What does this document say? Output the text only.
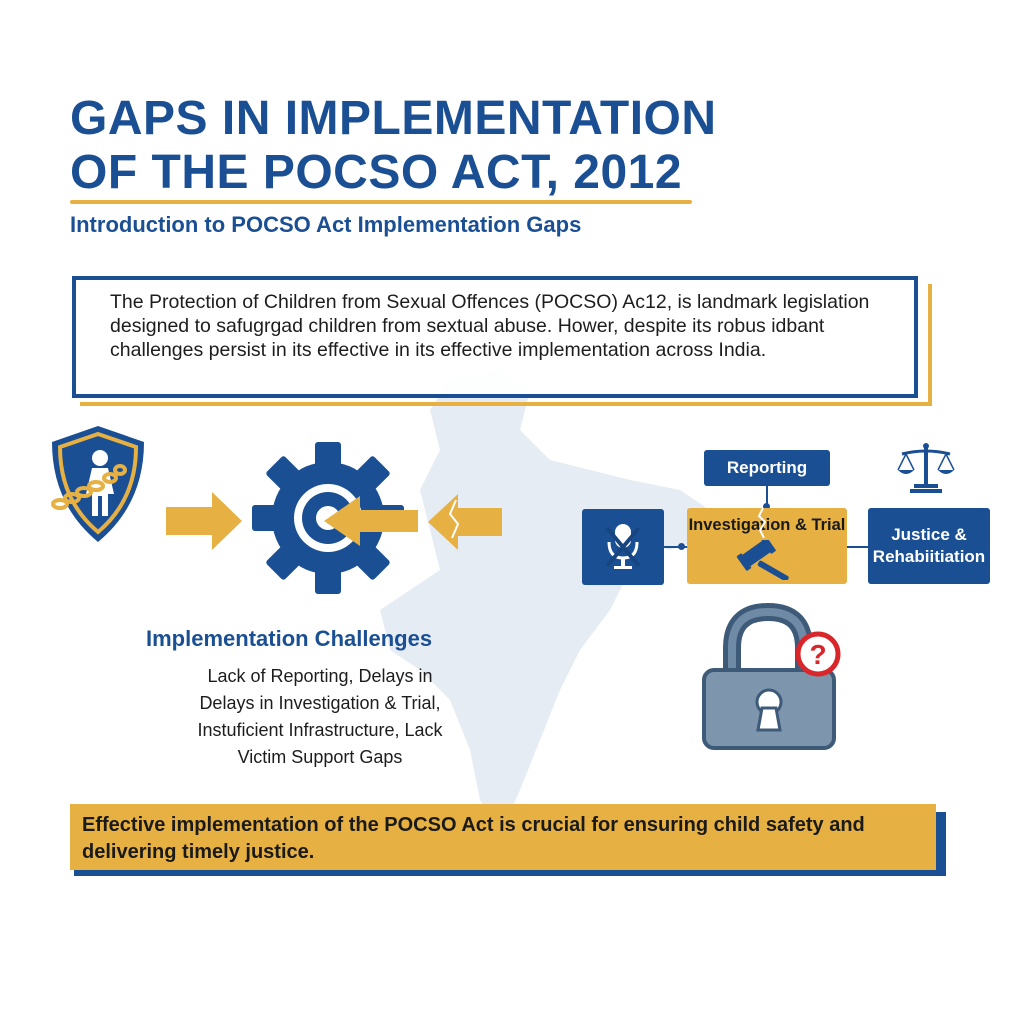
GAPS IN IMPLEMENTATION
OF THE POCSO ACT, 2012
Introduction to POCSO Act Implementation Gaps

The Protection of Children from Sexual Offences (POCSO) Ac12, is landmark legislation designed to safugrgad children from sextual abuse. Hower, despite its robus idbant challenges persist in its effective in its effective implementation across India.

Implementation Challenges
Lack of Reporting, Delays in
Delays in Investigation & Trial,
Instuficient Infrastructure, Lack
Victim Support Gaps
Reporting
Investigation & Trial	Justice &
Rehabiitiation
?

Effective implementation of the POCSO Act is crucial for ensuring child safety and delivering timely justice.
